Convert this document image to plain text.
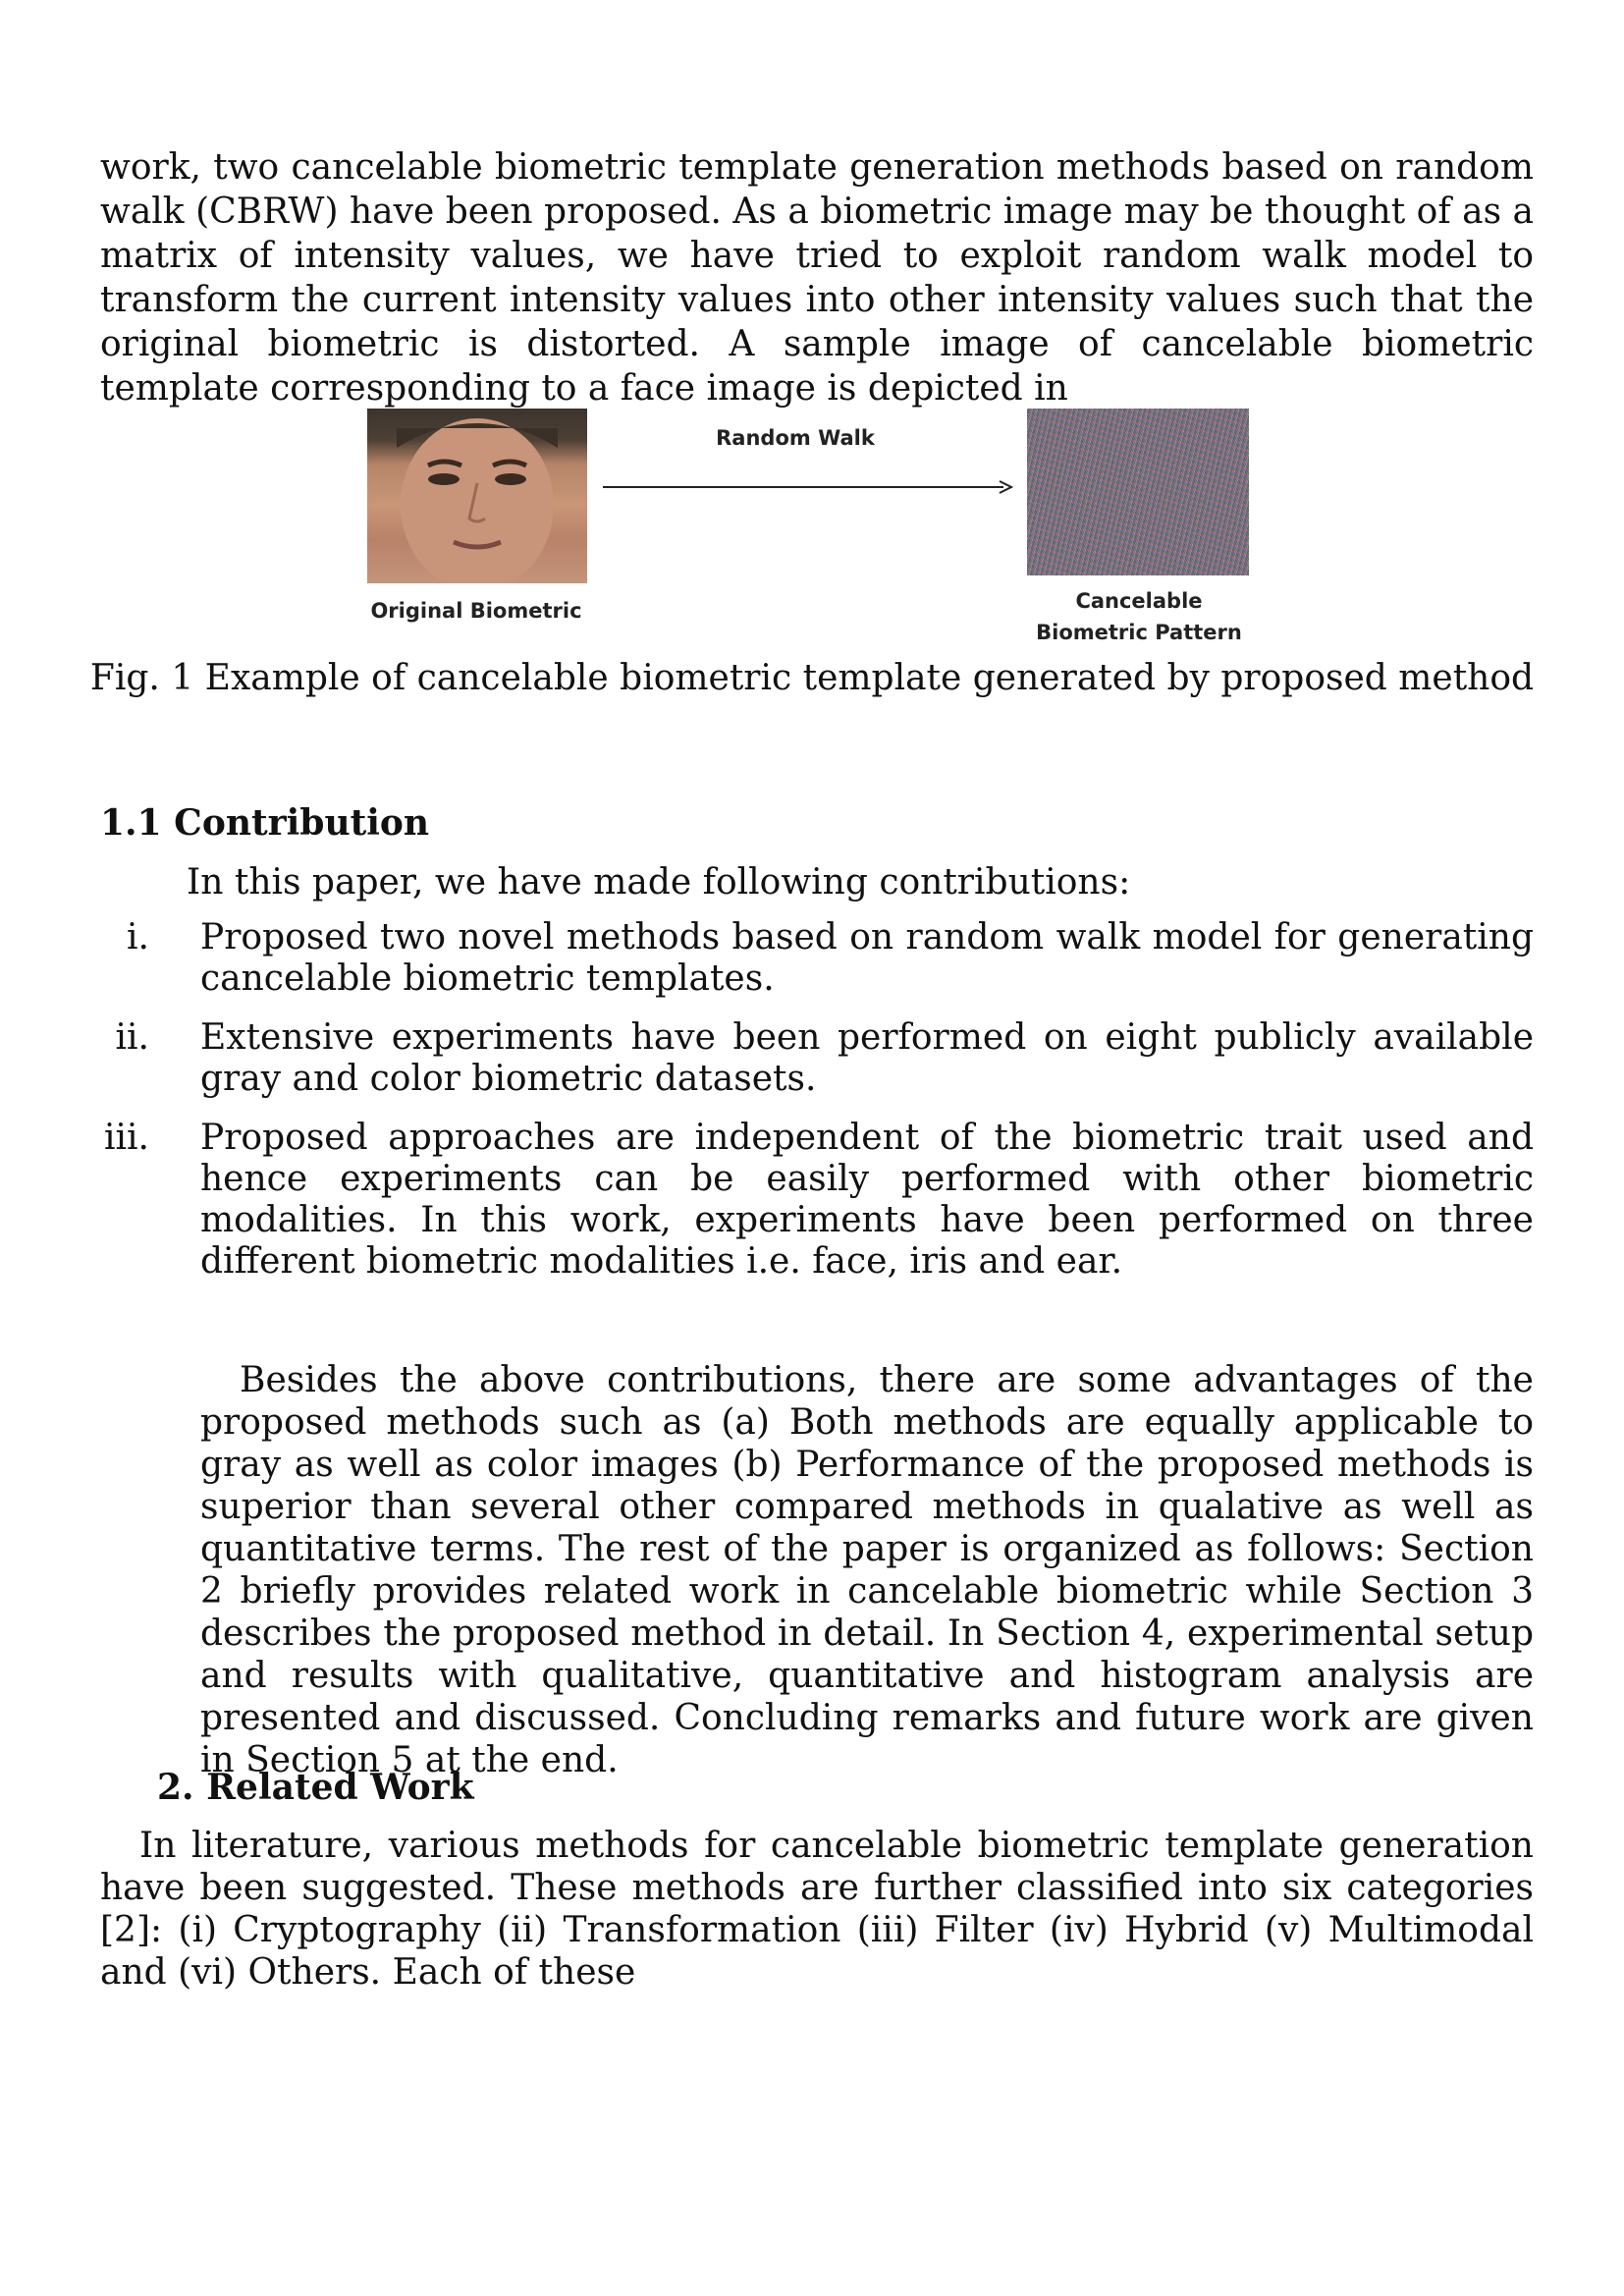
work, two cancelable biometric template generation methods based on random walk (CBRW) have been proposed. As a biometric image may be thought of as a matrix of intensity values, we have tried to exploit random walk model to transform the current intensity values into other intensity values such that the original biometric is distorted. A sample image of cancelable biometric template corresponding to a face image is depicted in

Random Walk

Original Biometric	Cancelable
Biometric Pattern

Fig. 1 Example of cancelable biometric template generated by proposed method

1.1 Contribution

In this paper, we have made following contributions:

i. Proposed two novel methods based on random walk model for generating cancelable biometric templates.
ii. Extensive experiments have been performed on eight publicly available gray and color biometric datasets.
iii. Proposed approaches are independent of the biometric trait used and hence experiments can be easily performed with other biometric modalities. In this work, experiments have been performed on three different biometric modalities i.e. face, iris and ear.

Besides the above contributions, there are some advantages of the proposed methods such as (a) Both methods are equally applicable to gray as well as color images (b) Performance of the proposed methods is superior than several other compared methods in qualative as well as quantitative terms. The rest of the paper is organized as follows: Section 2 briefly provides related work in cancelable biometric while Section 3 describes the proposed method in detail. In Section 4, experimental setup and results with qualitative, quantitative and histogram analysis are presented and discussed. Concluding remarks and future work are given in Section 5 at the end.

2. Related Work

In literature, various methods for cancelable biometric template generation have been suggested. These methods are further classified into six categories [2]: (i) Cryptography (ii) Transformation (iii) Filter (iv) Hybrid (v) Multimodal and (vi) Others. Each of these
